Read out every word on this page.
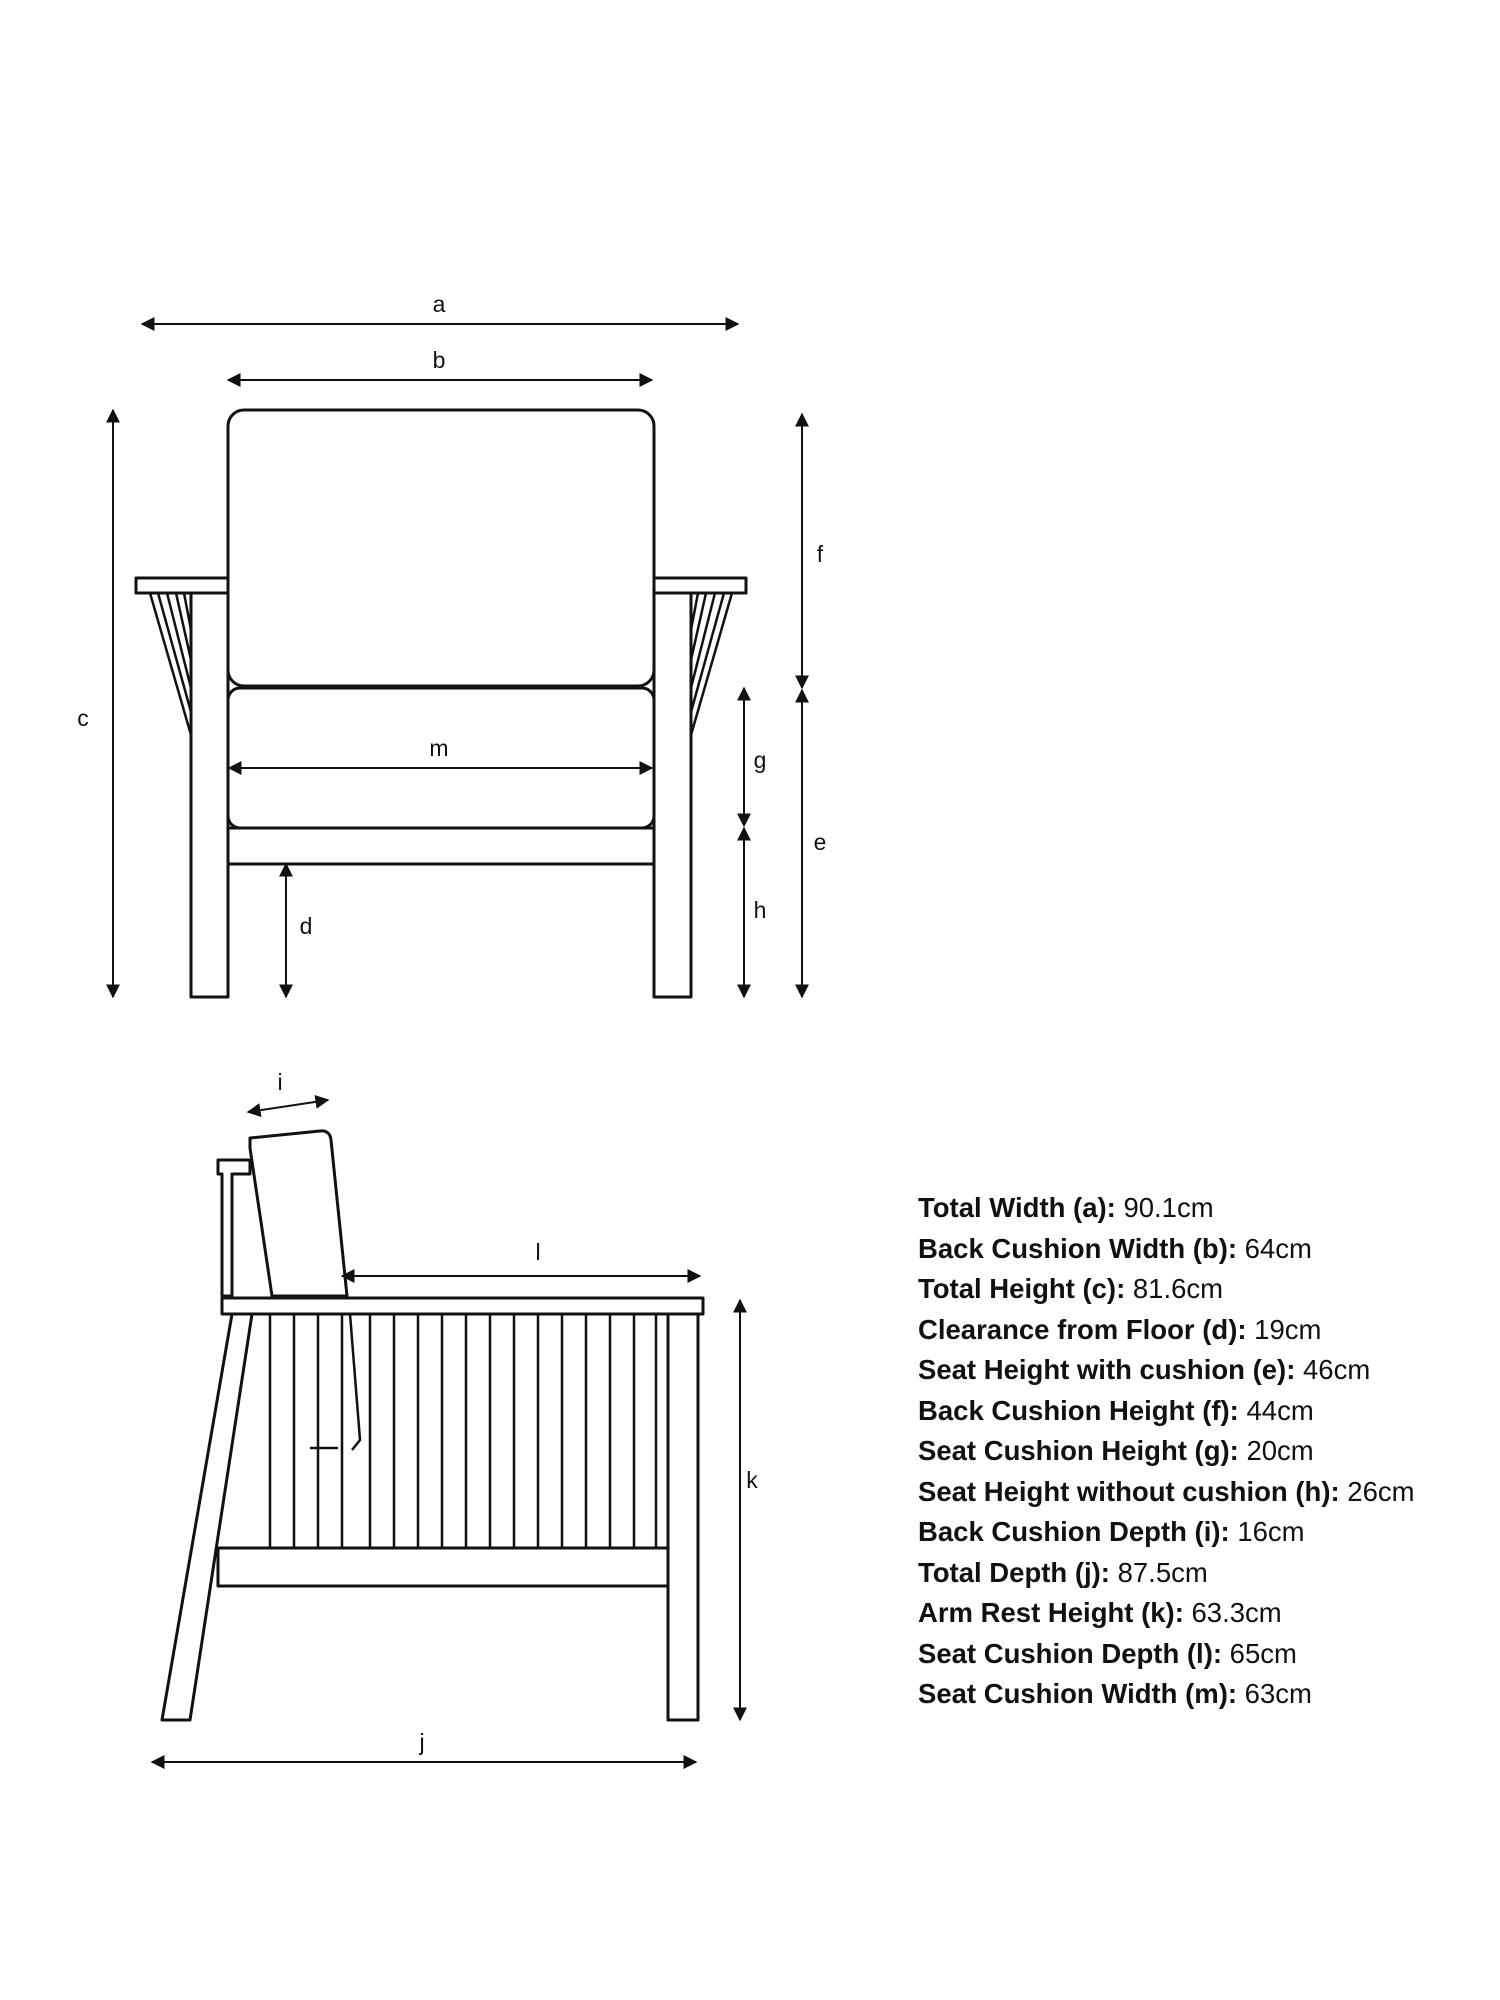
a
b
c
f
e
g
h
d
m
i
l
k
j
Total Width (a): 90.1cm
Back Cushion Width (b): 64cm
Total Height (c): 81.6cm
Clearance from Floor (d): 19cm
Seat Height with cushion (e): 46cm
Back Cushion Height (f): 44cm
Seat Cushion Height (g): 20cm
Seat Height without cushion (h): 26cm
Back Cushion Depth (i): 16cm
Total Depth (j): 87.5cm
Arm Rest Height (k): 63.3cm
Seat Cushion Depth (l): 65cm
Seat Cushion Width (m): 63cm
